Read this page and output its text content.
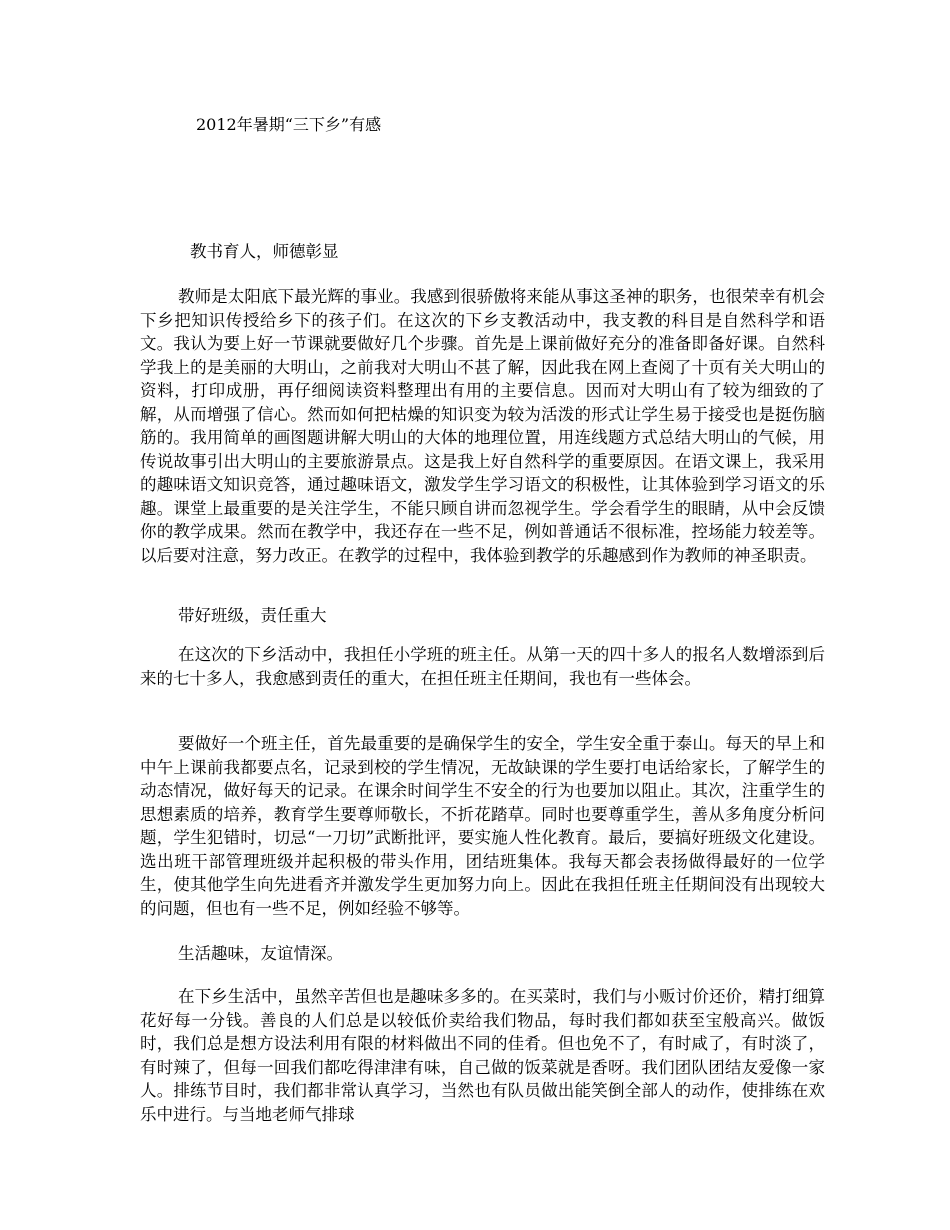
2012年暑期“三下乡”有感
教书育人，师德彰显

教师是太阳底下最光辉的事业。我感到很骄傲将来能从事这圣神的职务，也很荣幸有机会下乡把知识传授给乡下的孩子们。在这次的下乡支教活动中，我支教的科目是自然科学和语文。我认为要上好一节课就要做好几个步骤。首先是上课前做好充分的准备即备好课。自然科学我上的是美丽的大明山，之前我对大明山不甚了解，因此我在网上查阅了十页有关大明山的资料，打印成册，再仔细阅读资料整理出有用的主要信息。因而对大明山有了较为细致的了解，从而增强了信心。然而如何把枯燥的知识变为较为活泼的形式让学生易于接受也是挺伤脑筋的。我用简单的画图题讲解大明山的大体的地理位置，用连线题方式总结大明山的气候，用传说故事引出大明山的主要旅游景点。这是我上好自然科学的重要原因。在语文课上，我采用的趣味语文知识竞答，通过趣味语文，激发学生学习语文的积极性，让其体验到学习语文的乐趣。课堂上最重要的是关注学生，不能只顾自讲而忽视学生。学会看学生的眼睛，从中会反馈你的教学成果。然而在教学中，我还存在一些不足，例如普通话不很标准，控场能力较差等。以后要对注意，努力改正。在教学的过程中，我体验到教学的乐趣感到作为教师的神圣职责。

带好班级，责任重大

在这次的下乡活动中，我担任小学班的班主任。从第一天的四十多人的报名人数增添到后来的七十多人，我愈感到责任的重大，在担任班主任期间，我也有一些体会。

要做好一个班主任，首先最重要的是确保学生的安全，学生安全重于泰山。每天的早上和中午上课前我都要点名，记录到校的学生情况，无故缺课的学生要打电话给家长，了解学生的动态情况，做好每天的记录。在课余时间学生不安全的行为也要加以阻止。其次，注重学生的思想素质的培养，教育学生要尊师敬长，不折花踏草。同时也要尊重学生，善从多角度分析问题，学生犯错时，切忌“一刀切”武断批评，要实施人性化教育。最后，要搞好班级文化建设。选出班干部管理班级并起积极的带头作用，团结班集体。我每天都会表扬做得最好的一位学生，使其他学生向先进看齐并激发学生更加努力向上。因此在我担任班主任期间没有出现较大的问题，但也有一些不足，例如经验不够等。

生活趣味，友谊情深。

在下乡生活中，虽然辛苦但也是趣味多多的。在买菜时，我们与小贩讨价还价，精打细算花好每一分钱。善良的人们总是以较低价卖给我们物品，每时我们都如获至宝般高兴。做饭时，我们总是想方设法利用有限的材料做出不同的佳肴。但也免不了，有时咸了，有时淡了，有时辣了，但每一回我们都吃得津津有味，自己做的饭菜就是香呀。我们团队团结友爱像一家人。排练节目时，我们都非常认真学习，当然也有队员做出能笑倒全部人的动作，使排练在欢乐中进行。与当地老师气排球
